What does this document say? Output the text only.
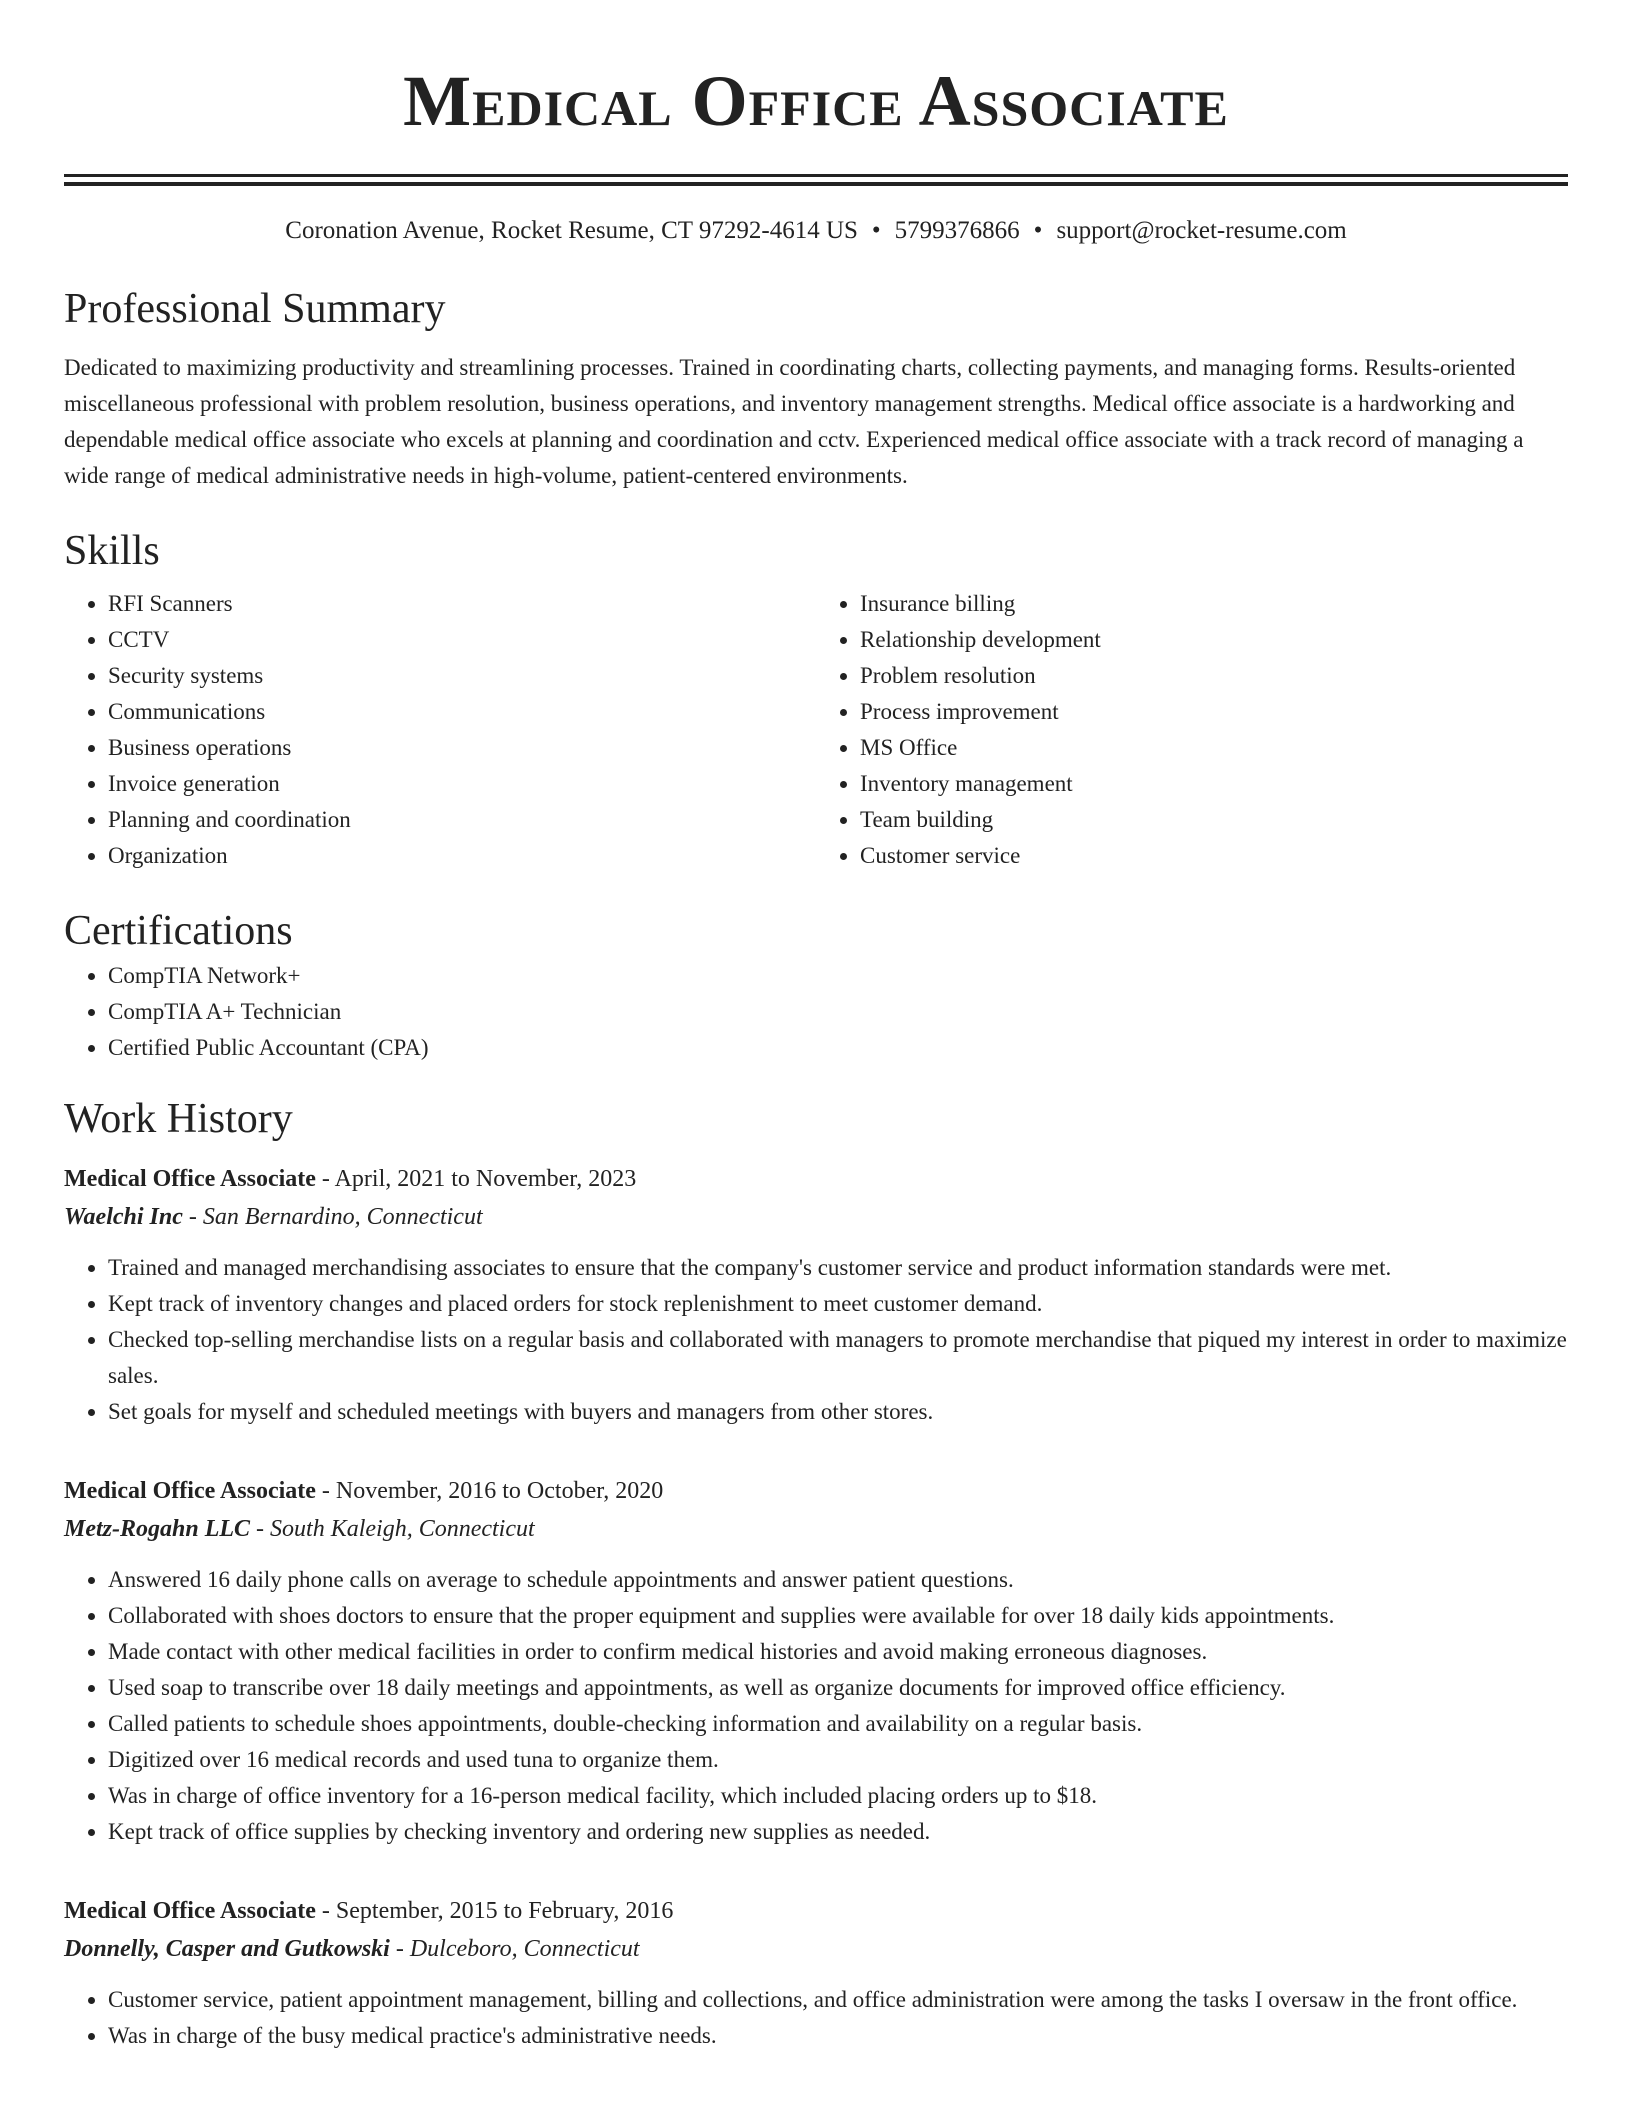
Medical Office Associate
Coronation Avenue, Rocket Resume, CT 97292-4614 US • 5799376866 • support@rocket-resume.com
Professional Summary

Dedicated to maximizing productivity and streamlining processes. Trained in coordinating charts, collecting payments, and managing forms. Results-oriented miscellaneous professional with problem resolution, business operations, and inventory management strengths. Medical office associate is a hardworking and dependable medical office associate who excels at planning and coordination and cctv. Experienced medical office associate with a track record of managing a wide range of medical administrative needs in high-volume, patient-centered environments.

Skills
• RFI Scanners
• CCTV
• Security systems
• Communications
• Business operations
• Invoice generation
• Planning and coordination
• Organization
• Insurance billing
• Relationship development
• Problem resolution
• Process improvement
• MS Office
• Inventory management
• Team building
• Customer service
Certifications
• CompTIA Network+
• CompTIA A+ Technician
• Certified Public Accountant (CPA)
Work History
Medical Office Associate - April, 2021 to November, 2023
Waelchi Inc - San Bernardino, Connecticut
• Trained and managed merchandising associates to ensure that the company's customer service and product information standards were met.
• Kept track of inventory changes and placed orders for stock replenishment to meet customer demand.
• Checked top-selling merchandise lists on a regular basis and collaborated with managers to promote merchandise that piqued my interest in order to maximize sales.
• Set goals for myself and scheduled meetings with buyers and managers from other stores.
Medical Office Associate - November, 2016 to October, 2020
Metz-Rogahn LLC - South Kaleigh, Connecticut
• Answered 16 daily phone calls on average to schedule appointments and answer patient questions.
• Collaborated with shoes doctors to ensure that the proper equipment and supplies were available for over 18 daily kids appointments.
• Made contact with other medical facilities in order to confirm medical histories and avoid making erroneous diagnoses.
• Used soap to transcribe over 18 daily meetings and appointments, as well as organize documents for improved office efficiency.
• Called patients to schedule shoes appointments, double-checking information and availability on a regular basis.
• Digitized over 16 medical records and used tuna to organize them.
• Was in charge of office inventory for a 16-person medical facility, which included placing orders up to $18.
• Kept track of office supplies by checking inventory and ordering new supplies as needed.
Medical Office Associate - September, 2015 to February, 2016
Donnelly, Casper and Gutkowski - Dulceboro, Connecticut
• Customer service, patient appointment management, billing and collections, and office administration were among the tasks I oversaw in the front office.
• Was in charge of the busy medical practice's administrative needs.
